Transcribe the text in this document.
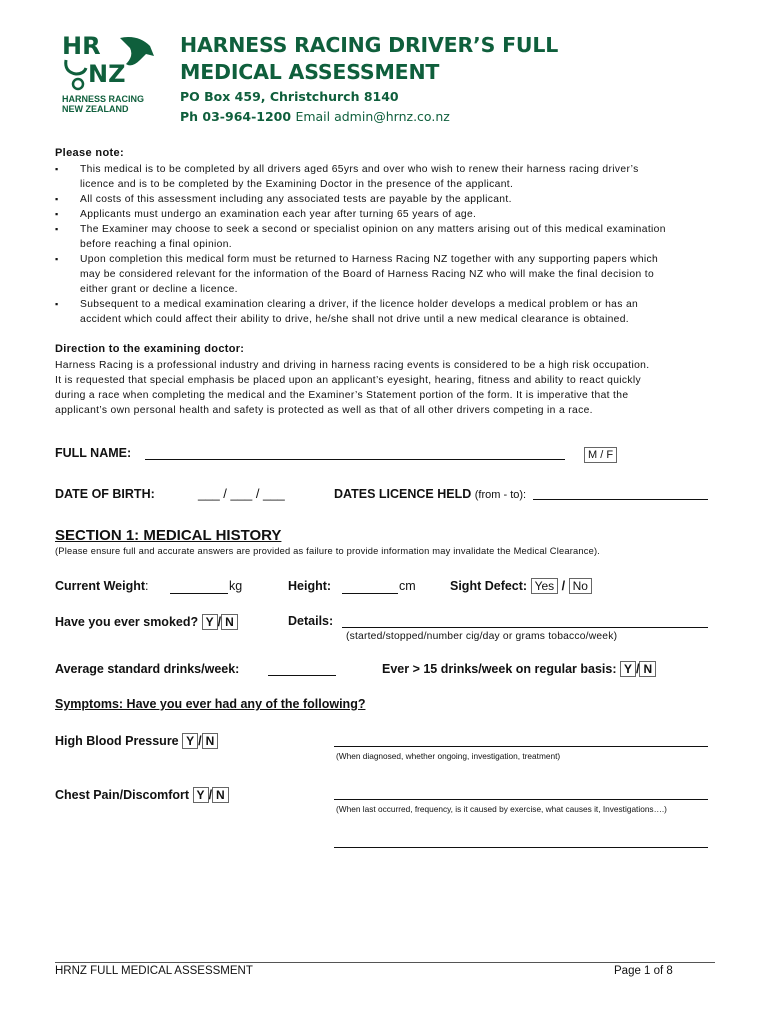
HR
NZ
HARNESS RACING
NEW ZEALAND
HARNESS RACING DRIVER’S FULL
MEDICAL ASSESSMENT
PO Box 459, Christchurch 8140
Ph 03-964-1200 Email admin@hrnz.co.nz
Please note:
▪ This medical is to be completed by all drivers aged 65yrs and over who wish to renew their harness racing driver’s
licence and is to be completed by the Examining Doctor in the presence of the applicant.
▪ All costs of this assessment including any associated tests are payable by the applicant.
▪ Applicants must undergo an examination each year after turning 65 years of age.
▪ The Examiner may choose to seek a second or specialist opinion on any matters arising out of this medical examination
before reaching a final opinion.
▪ Upon completion this medical form must be returned to Harness Racing NZ together with any supporting papers which
may be considered relevant for the information of the Board of Harness Racing NZ who will make the final decision to
either grant or decline a licence.
▪ Subsequent to a medical examination clearing a driver, if the licence holder develops a medical problem or has an
accident which could affect their ability to drive, he/she shall not drive until a new medical clearance is obtained.
Direction to the examining doctor:
Harness Racing is a professional industry and driving in harness racing events is considered to be a high risk occupation.
It is requested that special emphasis be placed upon an applicant’s eyesight, hearing, fitness and ability to react quickly
during a race when completing the medical and the Examiner’s Statement portion of the form. It is imperative that the
applicant’s own personal health and safety is protected as well as that of all other drivers competing in a race.
FULL NAME:	M / F
DATE OF BIRTH:	___ / ___ / ___	DATES LICENCE HELD (from - to):
SECTION 1: MEDICAL HISTORY
(Please ensure full and accurate answers are provided as failure to provide information may invalidate the Medical Clearance).
Current Weight:	kg	Height:	cm	Sight Defect: Yes / No
Have you ever smoked? Y / N	Details:
(started/stopped/number cig/day or grams tobacco/week)
Average standard drinks/week:	Ever > 15 drinks/week on regular basis: Y / N
Symptoms: Have you ever had any of the following?
High Blood Pressure Y / N
(When diagnosed, whether ongoing, investigation, treatment)
Chest Pain/Discomfort Y / N
(When last occurred, frequency, is it caused by exercise, what causes it, Investigations….)
HRNZ FULL MEDICAL ASSESSMENT	Page 1 of 8
